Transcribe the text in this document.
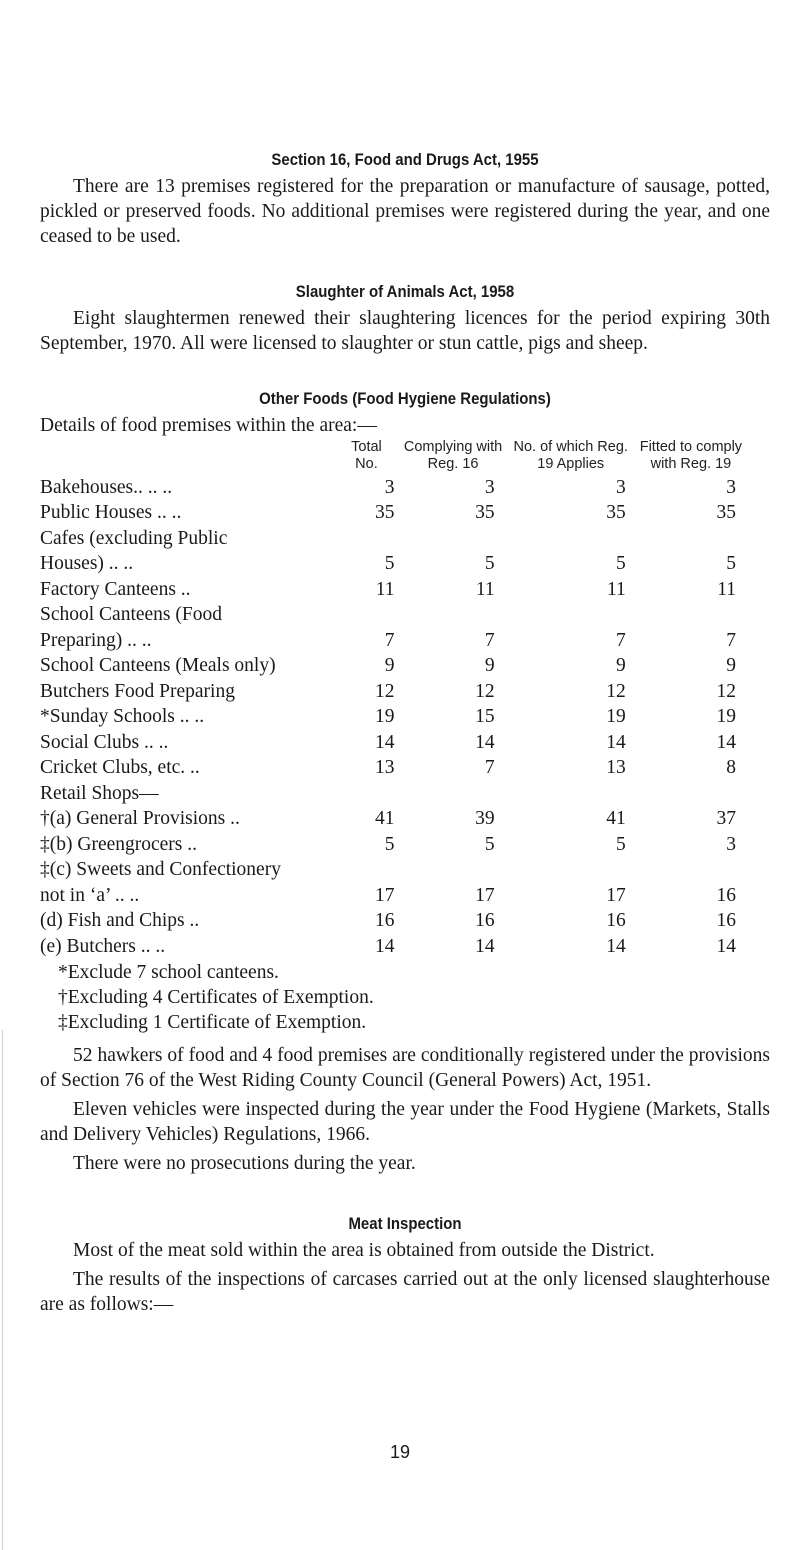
Section 16, Food and Drugs Act, 1955

There are 13 premises registered for the preparation or manufacture of sausage, potted, pickled or preserved foods. No additional premises were registered during the year, and one ceased to be used.

Slaughter of Animals Act, 1958

Eight slaughtermen renewed their slaughtering licences for the period expiring 30th September, 1970. All were licensed to slaughter or stun cattle, pigs and sheep.

Other Foods (Food Hygiene Regulations)

Details of food premises within the area:—

	Total No.	Complying with Reg. 16	No. of which Reg. 19 Applies	Fitted to comply with Reg. 19
Bakehouses.. .. ..	3	3	3	3
Public Houses .. ..	35	35	35	35
Cafes (excluding Public				
Houses) .. ..	5	5	5	5
Factory Canteens ..	11	11	11	11
School Canteens (Food				
Preparing) .. ..	7	7	7	7
School Canteens (Meals only)	9	9	9	9
Butchers Food Preparing	12	12	12	12
*Sunday Schools .. ..	19	15	19	19
Social Clubs .. ..	14	14	14	14
Cricket Clubs, etc. ..	13	7	13	8
Retail Shops—				
†(a) General Provisions ..	41	39	41	37
‡(b) Greengrocers ..	5	5	5	3
‡(c) Sweets and Confectionery				
not in ‘a’ .. ..	17	17	17	16
(d) Fish and Chips ..	16	16	16	16
(e) Butchers .. ..	14	14	14	14
*Exclude 7 school canteens.
†Excluding 4 Certificates of Exemption.
‡Excluding 1 Certificate of Exemption.

52 hawkers of food and 4 food premises are conditionally registered under the provisions of Section 76 of the West Riding County Council (General Powers) Act, 1951.

Eleven vehicles were inspected during the year under the Food Hygiene (Markets, Stalls and Delivery Vehicles) Regulations, 1966.

There were no prosecutions during the year.

Meat Inspection

Most of the meat sold within the area is obtained from outside the District.

The results of the inspections of carcases carried out at the only licensed slaughterhouse are as follows:—

19
